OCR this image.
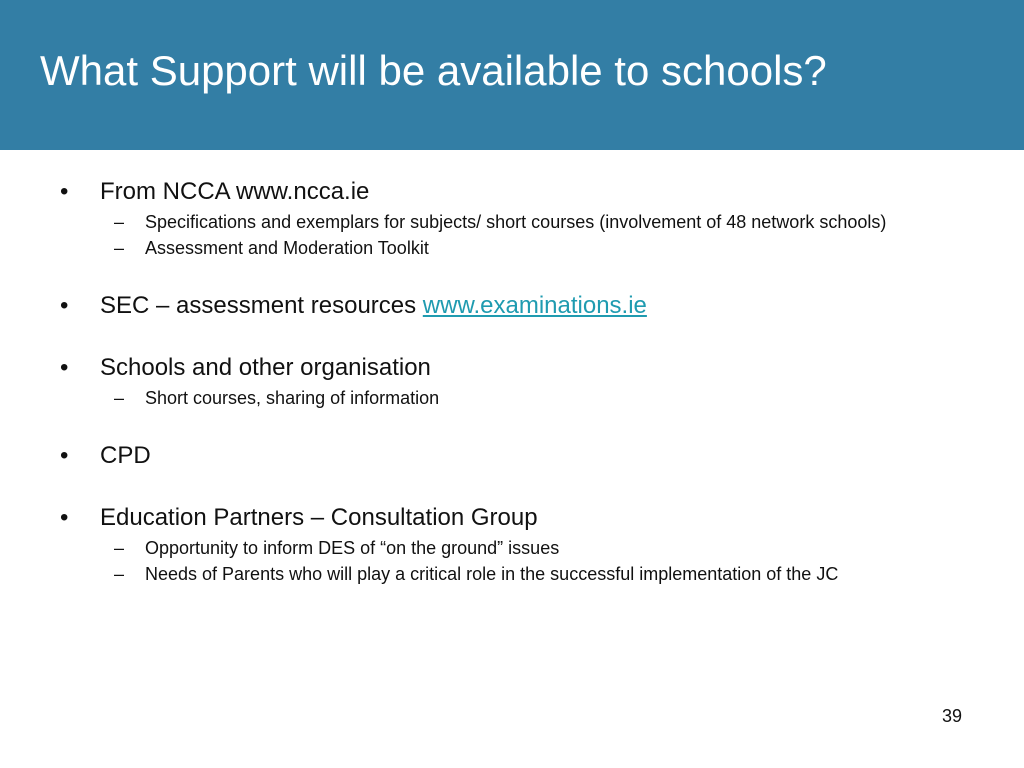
What Support will be available to schools?
• From NCCA www.ncca.ie
– Specifications and exemplars for subjects/ short courses (involvement of 48 network schools)
– Assessment and Moderation Toolkit
• SEC – assessment resources www.examinations.ie
• Schools and other organisation
– Short courses, sharing of information
• CPD
• Education Partners – Consultation Group
– Opportunity to inform DES of “on the ground” issues
– Needs of Parents who will play a critical role in the successful implementation of the JC
39
